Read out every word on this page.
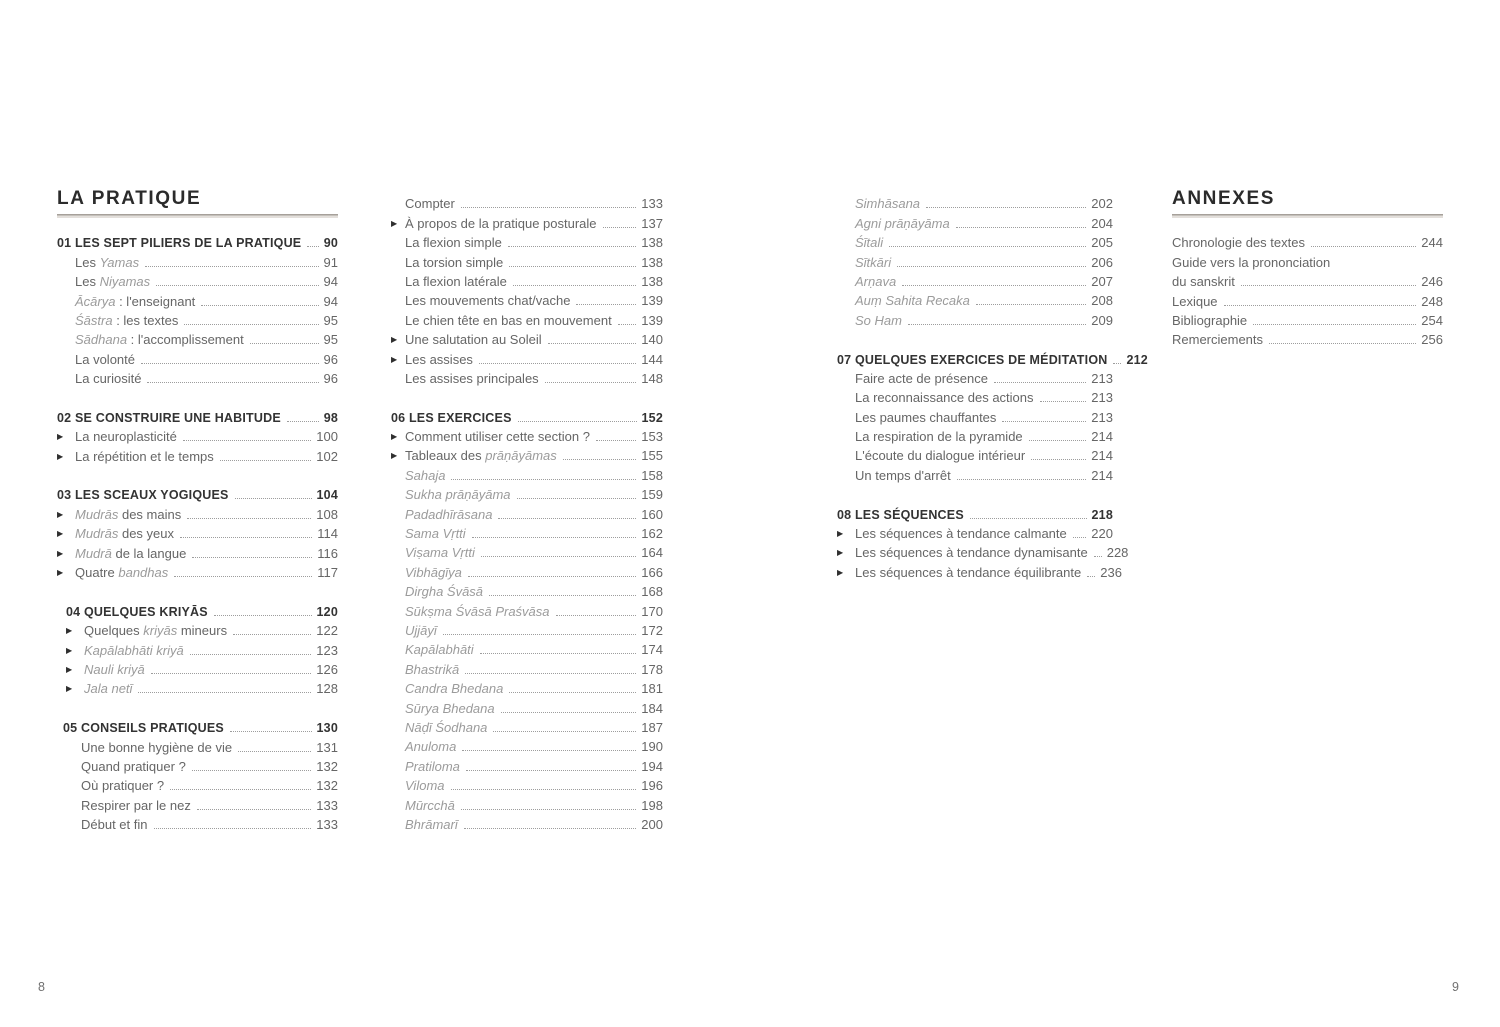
LA PRATIQUE
01 LES SEPT PILIERS DE LA PRATIQUE 90
Les Yamas	91
Les Niyamas	94
Ācārya : l'enseignant	94
Śāstra : les textes	95
Sādhana : l'accomplissement	95
La volonté	96
La curiosité	96
02 SE CONSTRUIRE UNE HABITUDE	98
▶ La neuroplasticité	100
▶ La répétition et le temps	102
03 LES SCEAUX YOGIQUES	104
▶ Mudrās des mains	108
▶ Mudrās des yeux	114
▶ Mudrā de la langue	116
▶ Quatre bandhas	117
04 QUELQUES KRIYĀS	120
▶ Quelques kriyās mineurs	122
▶ Kapālabhāti kriyā	123
▶ Nauli kriyā	126
▶ Jala netī	128
05 CONSEILS PRATIQUES	130
Une bonne hygiène de vie	131
Quand pratiquer ?	132
Où pratiquer ?	132
Respirer par le nez	133
Début et fin	133
Compter	133
▶ À propos de la pratique posturale	137
La flexion simple	138
La torsion simple	138
La flexion latérale	138
Les mouvements chat/vache	139
Le chien tête en bas en mouvement 139
▶ Une salutation au Soleil	140
▶ Les assises	144
Les assises principales	148
06 LES EXERCICES	152
▶ Comment utiliser cette section ?	153
▶ Tableaux des prāṇāyāmas	155
Sahaja	158
Sukha prāṇāyāma	159
Padadhīrāsana	160
Sama Vṛtti	162
Viṣama Vṛtti	164
Vibhāgīya	166
Dirgha Śvāsā	168
Sūkṣma Śvāsā Praśvāsa	170
Ujjāyī	172
Kapālabhāti	174
Bhastrikā	178
Candra Bhedana	181
Sūrya Bhedana	184
Nāḍī Śodhana	187
Anuloma	190
Pratiloma	194
Viloma	196
Mūrcchā	198
Bhrāmarī	200
Simhāsana	202
Agni prāṇāyāma	204
Śītali	205
Sītkāri	206
Arṇava	207
Auṃ Sahita Recaka	208
So Ham	209
07 QUELQUES EXERCICES DE MÉDITATION 212
Faire acte de présence	213
La reconnaissance des actions	213
Les paumes chauffantes	213
La respiration de la pyramide	214
L'écoute du dialogue intérieur	214
Un temps d'arrêt	214
08 LES SÉQUENCES	218
▶ Les séquences à tendance calmante 220
▶ Les séquences à tendance dynamisante 228
▶ Les séquences à tendance équilibrante 236
ANNEXES
Chronologie des textes	244
Guide vers la prononciation
du sanskrit	246
Lexique	248
Bibliographie	254
Remerciements	256
8	9
